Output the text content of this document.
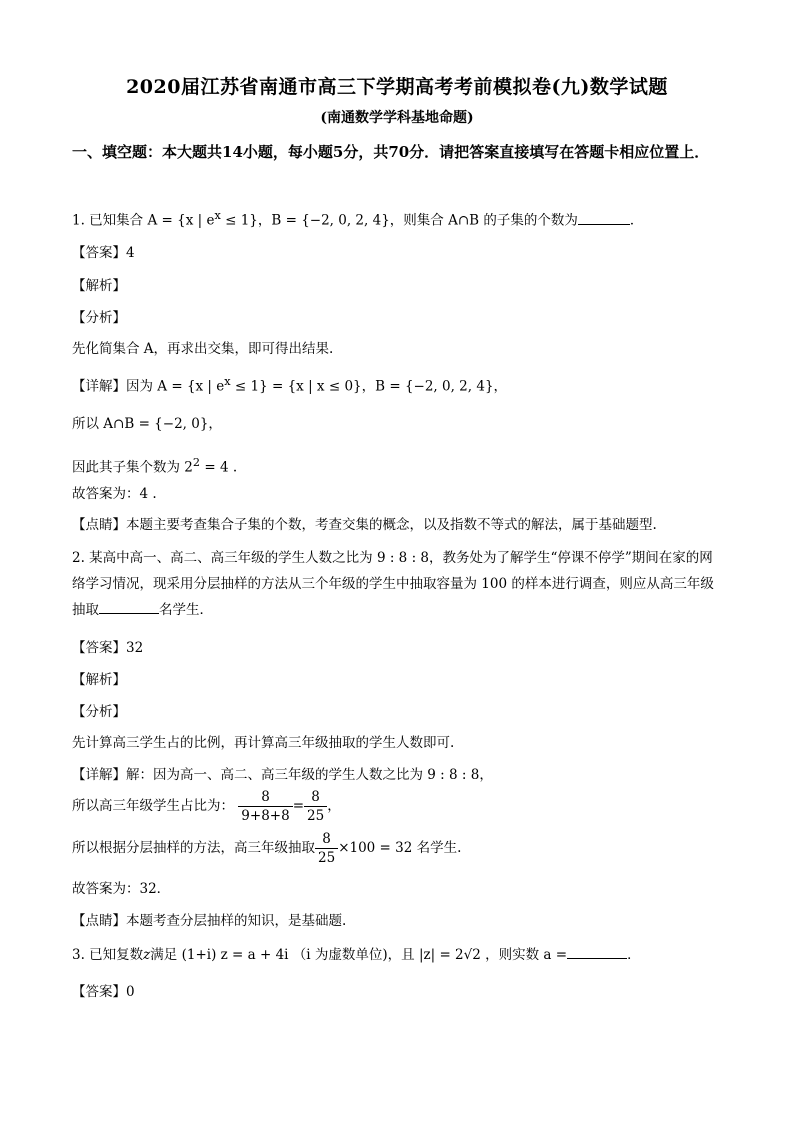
2020届江苏省南通市高三下学期高考考前模拟卷(九)数学试题
(南通数学学科基地命题)
一、填空题：本大题共14小题，每小题5分，共70分．请把答案直接填写在答题卡相应位置上．
1. 已知集合 A = {x | $e^x \le 1$}，B = {−2, 0, 2, 4}，则集合 A∩B 的子集的个数为	．
【答案】4
【解析】
【分析】
先化简集合 A，再求出交集，即可得出结果.
【详解】因为 A = {x | $e^x \le 1\} = \{x$ | x ≤ 0}，B = {−2, 0, 2, 4}，
所以 A∩B = {−2, 0}，
因此其子集个数为 $2^2 = 4$ .
故答案为：4 .
【点睛】本题主要考查集合子集的个数，考查交集的概念，以及指数不等式的解法，属于基础题型.
2. 某高中高一、高二、高三年级的学生人数之比为 9 : 8 : 8，教务处为了解学生“停课不停学”期间在家的网络学习情况，现采用分层抽样的方法从三个年级的学生中抽取容量为 100 的样本进行调查，则应从高三年级抽取	名学生．
【答案】32
【解析】
【分析】
先计算高三学生占的比例，再计算高三年级抽取的学生人数即可.
【详解】解：因为高一、高二、高三年级的学生人数之比为 9 : 8 : 8，
所以高三年级学生占比为： $\frac{8}{9+8+8} = \frac{8}{25}$ ，
所以根据分层抽样的方法，高三年级抽取 $\frac{8}{25} \times 100 = 32$ 名学生.
故答案为：32．
【点睛】本题考查分层抽样的知识，是基础题.
3. 已知复数z满足 (1+i) z = a + 4i （i 为虚数单位)，且 |z| = 2√2 ，则实数 a =	．
【答案】0
